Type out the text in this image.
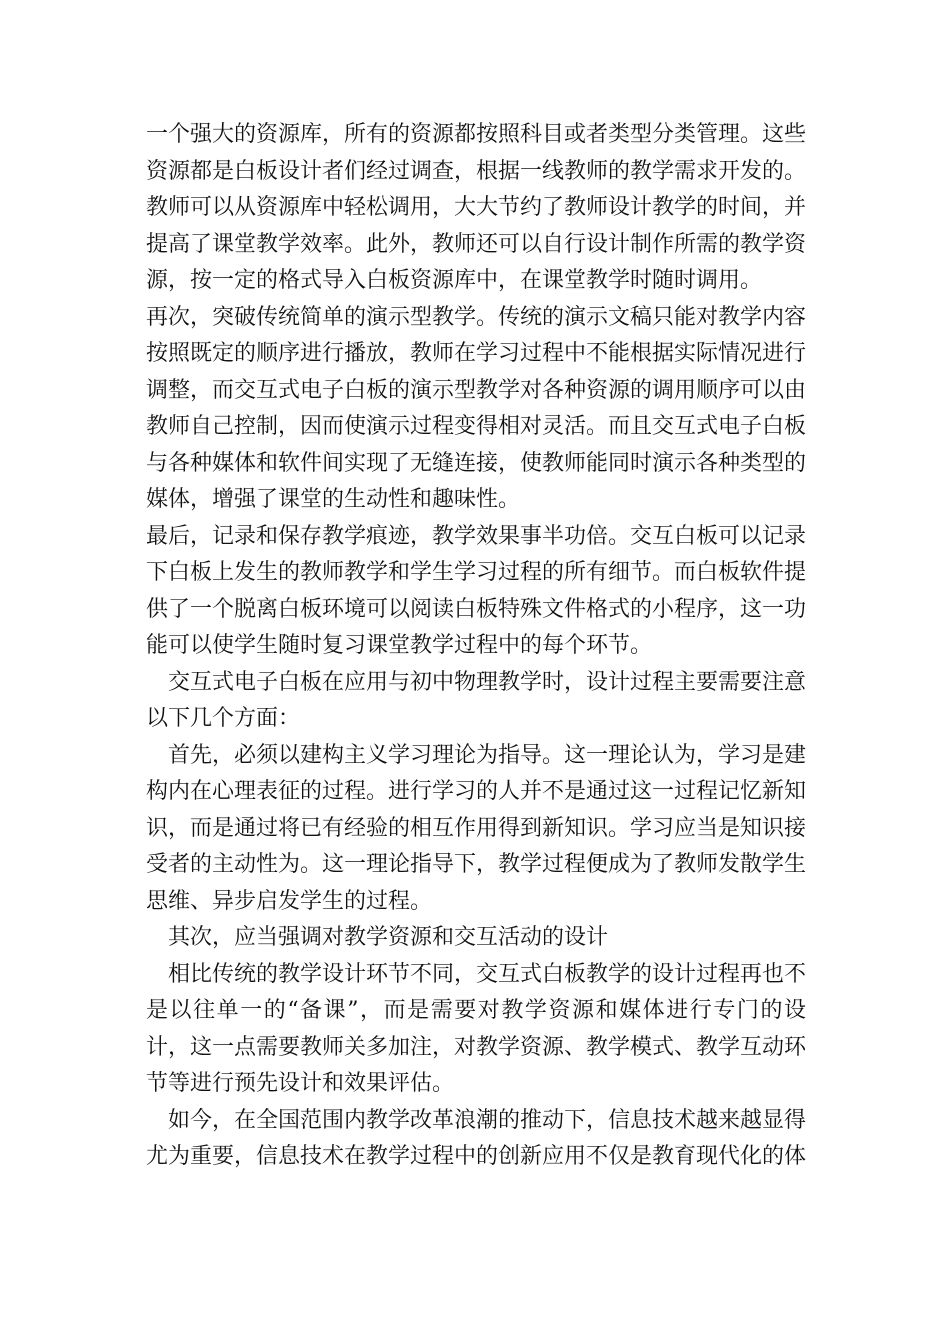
一个强大的资源库，所有的资源都按照科目或者类型分类管理。这些资源都是白板设计者们经过调查，根据一线教师的教学需求开发的。教师可以从资源库中轻松调用，大大节约了教师设计教学的时间，并提高了课堂教学效率。此外，教师还可以自行设计制作所需的教学资源，按一定的格式导入白板资源库中，在课堂教学时随时调用。

再次，突破传统简单的演示型教学。传统的演示文稿只能对教学内容按照既定的顺序进行播放，教师在学习过程中不能根据实际情况进行调整，而交互式电子白板的演示型教学对各种资源的调用顺序可以由教师自己控制，因而使演示过程变得相对灵活。而且交互式电子白板与各种媒体和软件间实现了无缝连接，使教师能同时演示各种类型的媒体，增强了课堂的生动性和趣味性。

最后，记录和保存教学痕迹，教学效果事半功倍。交互白板可以记录下白板上发生的教师教学和学生学习过程的所有细节。而白板软件提供了一个脱离白板环境可以阅读白板特殊文件格式的小程序，这一功能可以使学生随时复习课堂教学过程中的每个环节。

交互式电子白板在应用与初中物理教学时，设计过程主要需要注意以下几个方面：

首先，必须以建构主义学习理论为指导。这一理论认为，学习是建构内在心理表征的过程。进行学习的人并不是通过这一过程记忆新知识，而是通过将已有经验的相互作用得到新知识。学习应当是知识接受者的主动性为。这一理论指导下，教学过程便成为了教师发散学生思维、异步启发学生的过程。

其次，应当强调对教学资源和交互活动的设计

相比传统的教学设计环节不同，交互式白板教学的设计过程再也不是以往单一的“备课”，而是需要对教学资源和媒体进行专门的设计，这一点需要教师关多加注，对教学资源、教学模式、教学互动环节等进行预先设计和效果评估。

如今，在全国范围内教学改革浪潮的推动下，信息技术越来越显得尤为重要，信息技术在教学过程中的创新应用不仅是教育现代化的体
